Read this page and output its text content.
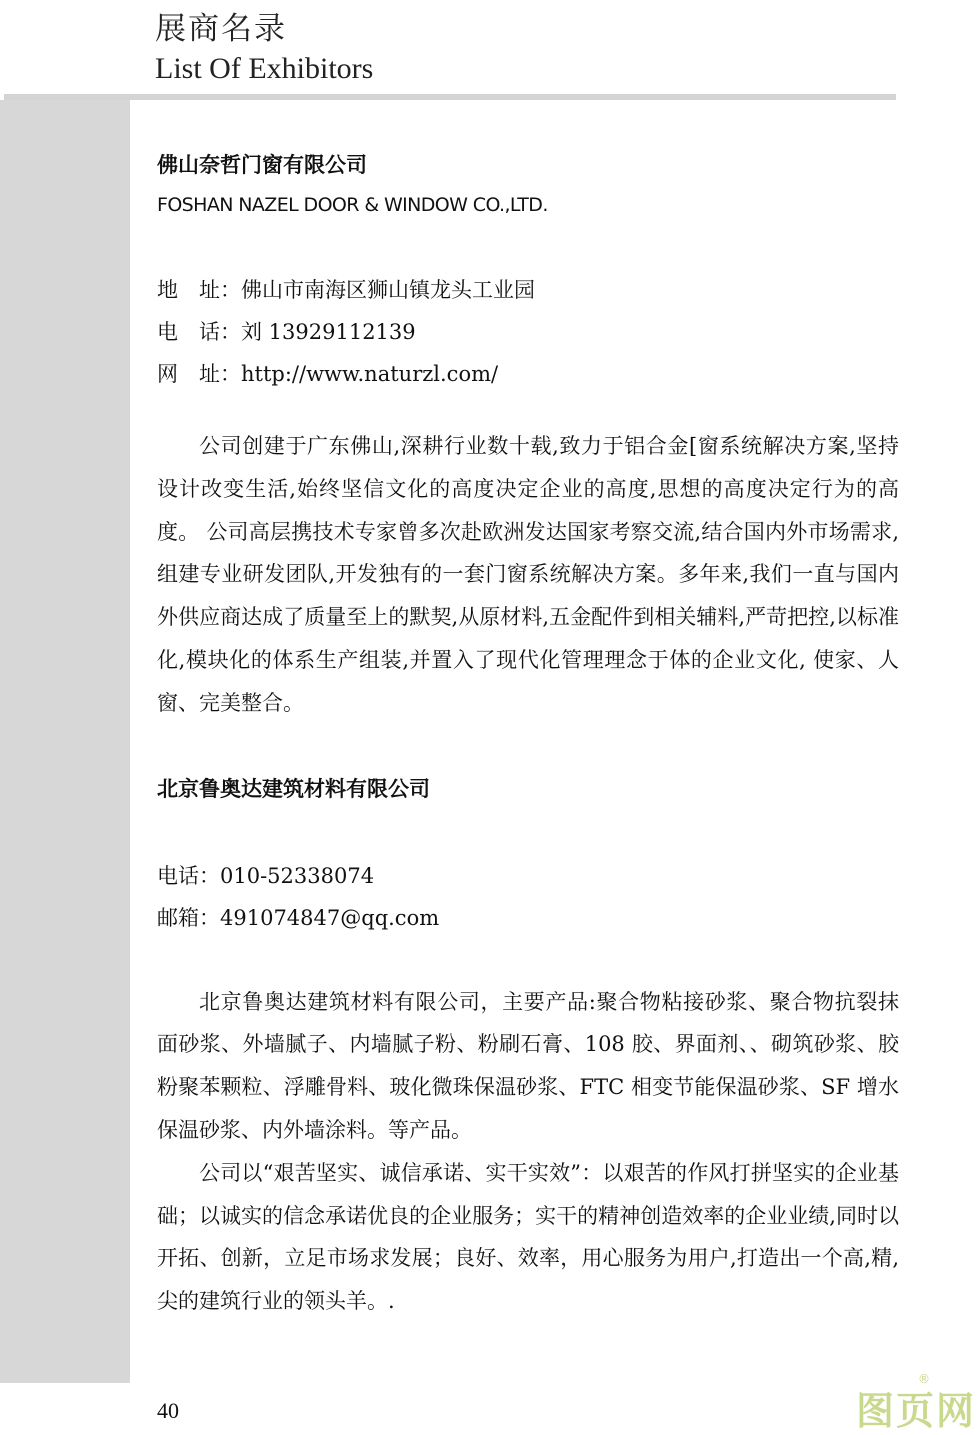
展商名录
List Of Exhibitors
佛山奈哲门窗有限公司
FOSHAN NAZEL DOOR & WINDOW CO.,LTD.
地　址：佛山市南海区狮山镇龙头工业园
电　话：刘 13929112139
网　址：http://www.naturzl.com/

公司创建于广东佛山,深耕行业数十载,致力于铝合金[窗系统解决方案,坚持设计改变生活,始终坚信文化的高度决定企业的高度,思想的高度决定行为的高度。 公司高层携技术专家曾多次赴欧洲发达国家考察交流,结合国内外市场需求,组建专业研发团队,开发独有的一套门窗系统解决方案。多年来,我们一直与国内外供应商达成了质量至上的默契,从原材料,五金配件到相关辅料,严苛把控,以标准化,模块化的体系生产组装,并置入了现代化管理理念于体的企业文化, 使家、人窗、完美整合。

北京鲁奥达建筑材料有限公司
电话：010-52338074
邮箱：491074847@qq.com

北京鲁奥达建筑材料有限公司，主要产品:聚合物粘接砂浆、聚合物抗裂抹面砂浆、外墙腻子、内墙腻子粉、粉刷石膏、108 胶、界面剂、、砌筑砂浆、胶粉聚苯颗粒、浮雕骨料、玻化微珠保温砂浆、FTC 相变节能保温砂浆、SF 增水保温砂浆、内外墙涂料。等产品。

公司以“艰苦坚实、诚信承诺、实干实效”：以艰苦的作风打拼坚实的企业基础；以诚实的信念承诺优良的企业服务；实干的精神创造效率的企业业绩,同时以开拓、创新，立足市场求发展；良好、效率，用心服务为用户,打造出一个高,精,尖的建筑行业的领头羊。.

40	图页网
®
